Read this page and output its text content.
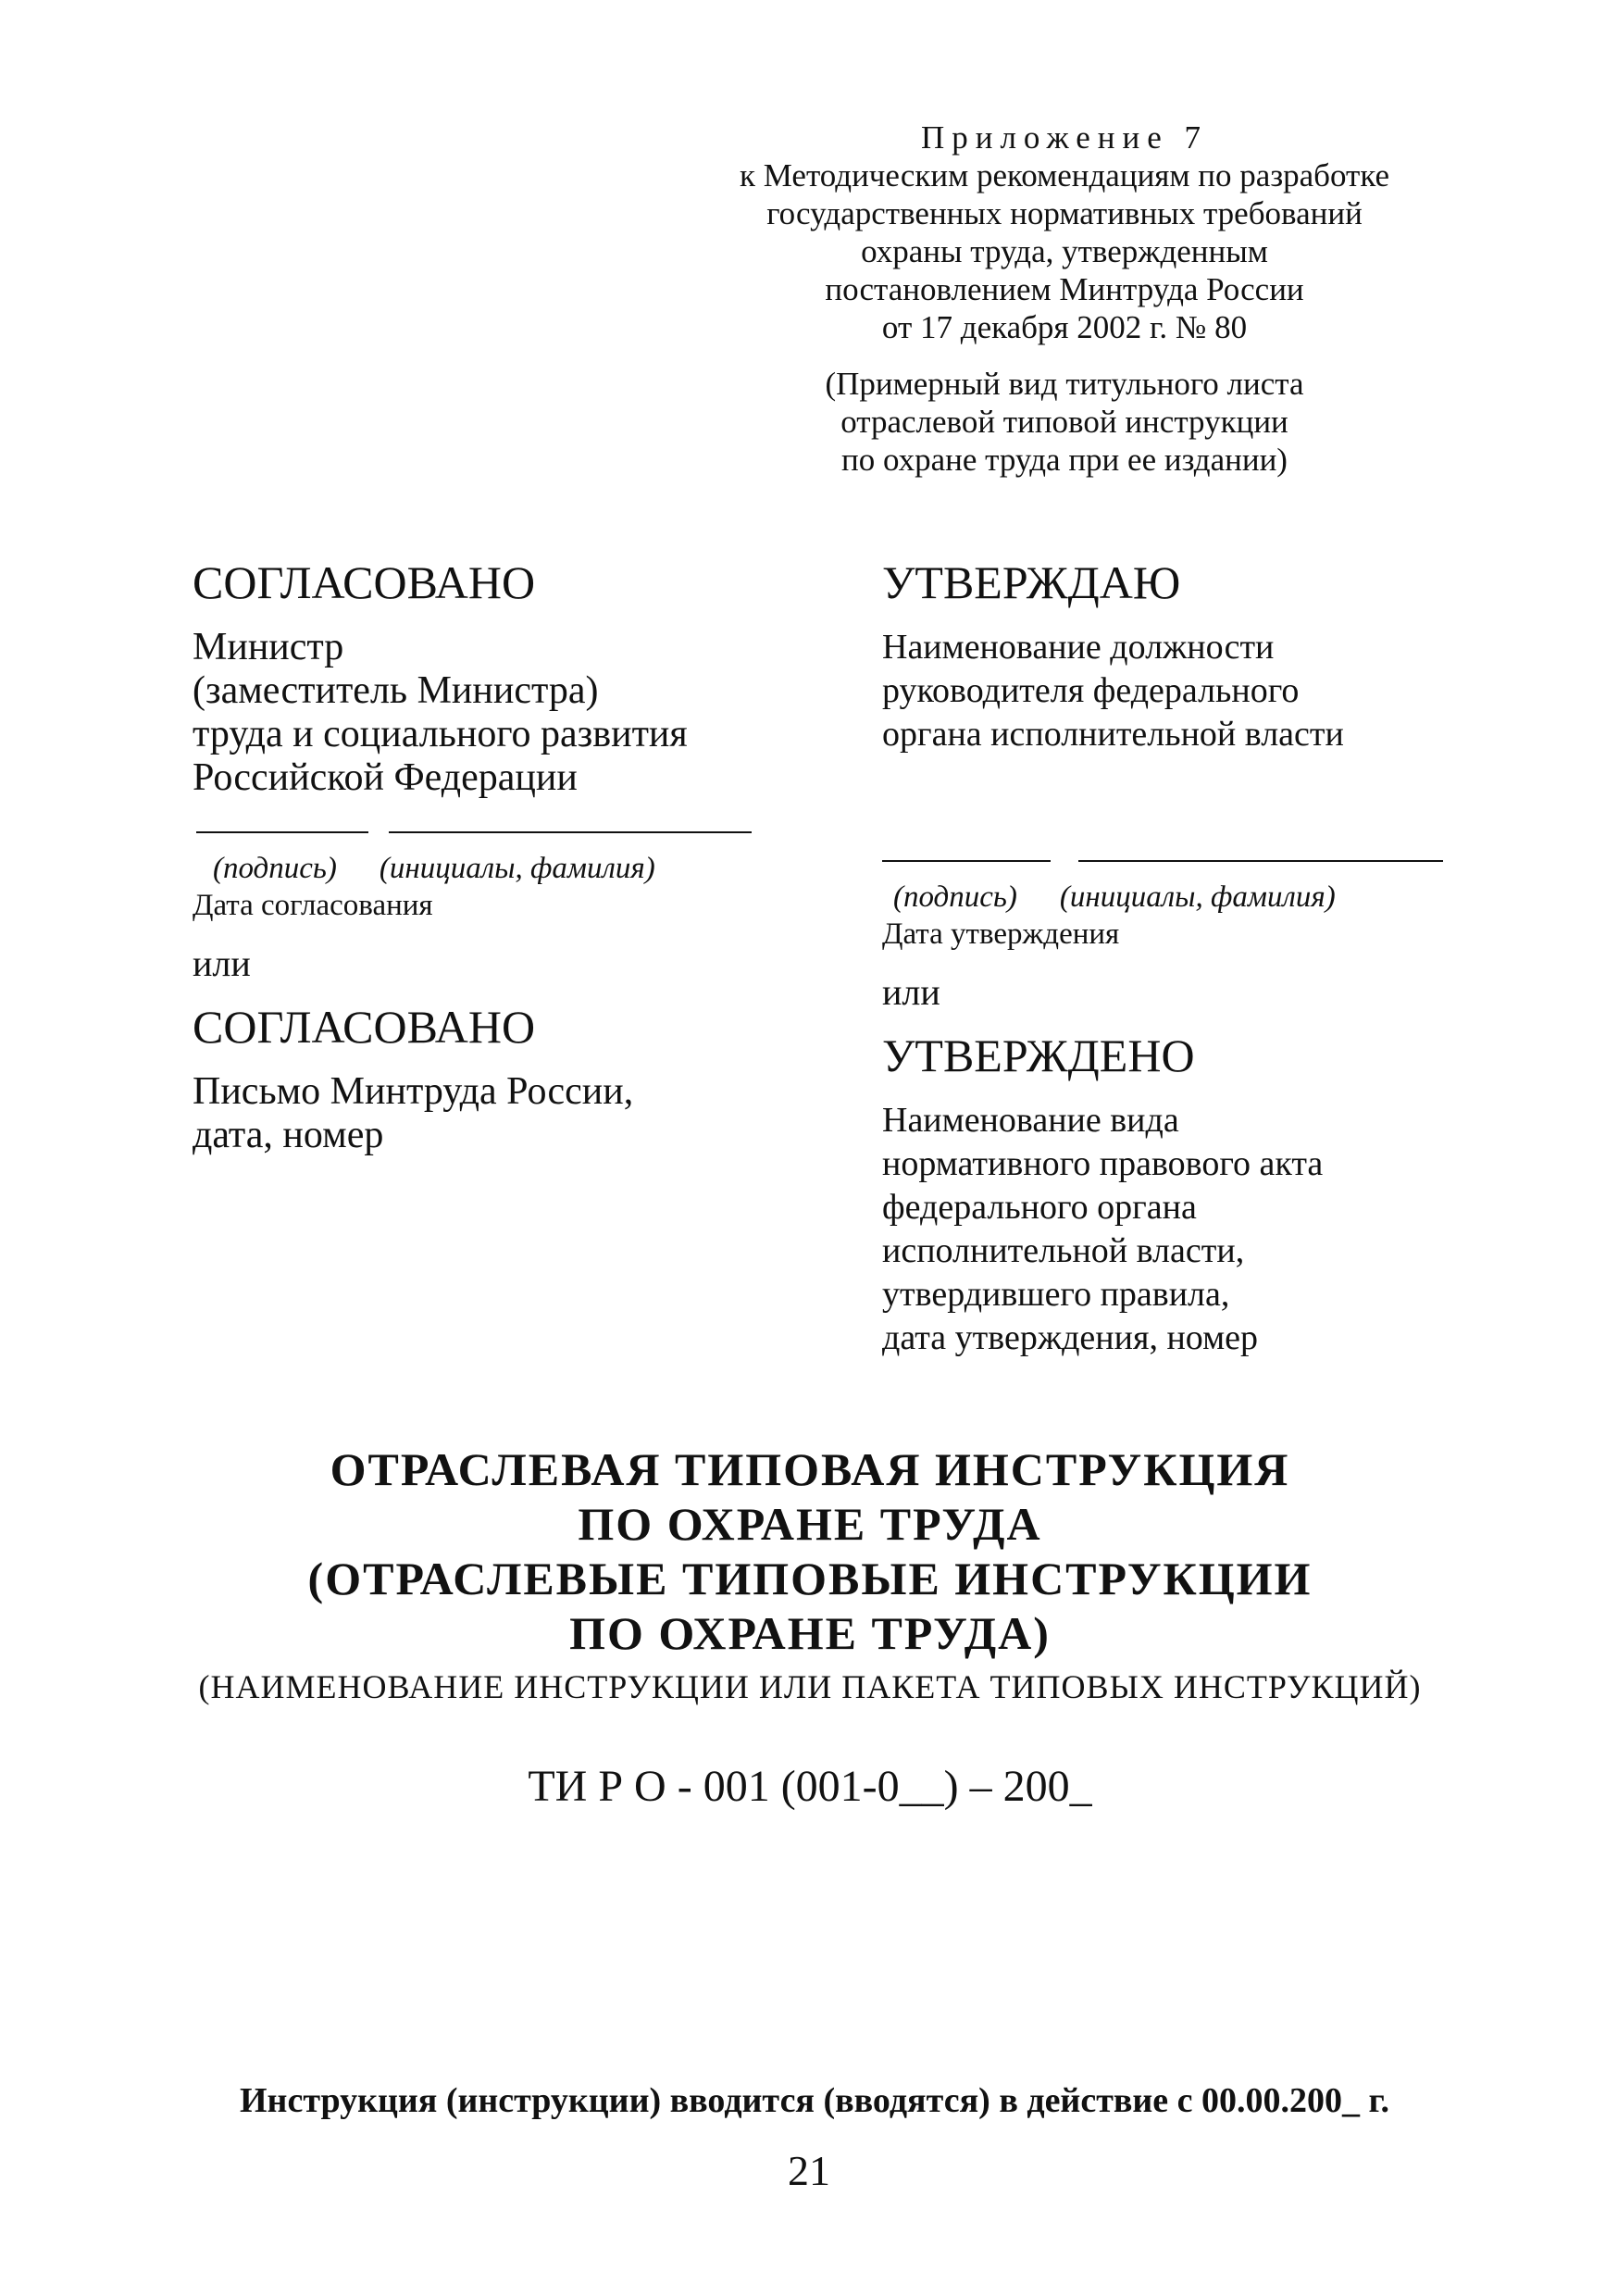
Приложение 7
к Методическим рекомендациям по разработке
государственных нормативных требований
охраны труда, утвержденным
постановлением Минтруда России
от 17 декабря 2002 г. № 80
(Примерный вид титульного листа
отраслевой типовой инструкции
по охране труда при ее издании)
СОГЛАСОВАНО
Министр
(заместитель Министра)
труда и социального развития
Российской Федерации
(подпись) (инициалы, фамилия)
Дата согласования
или
СОГЛАСОВАНО
Письмо Минтруда России,
дата, номер
УТВЕРЖДАЮ
Наименование должности
руководителя федерального
органа исполнительной власти
(подпись) (инициалы, фамилия)
Дата утверждения
или
УТВЕРЖДЕНО
Наименование вида
нормативного правового акта
федерального органа
исполнительной власти,
утвердившего правила,
дата утверждения, номер
ОТРАСЛЕВАЯ ТИПОВАЯ ИНСТРУКЦИЯ
ПО ОХРАНЕ ТРУДА
(ОТРАСЛЕВЫЕ ТИПОВЫЕ ИНСТРУКЦИИ
ПО ОХРАНЕ ТРУДА)
(НАИМЕНОВАНИЕ ИНСТРУКЦИИ ИЛИ ПАКЕТА ТИПОВЫХ ИНСТРУКЦИЙ)
ТИ Р О - 001 (001-0__) – 200_
Инструкция (инструкции) вводится (вводятся) в действие с 00.00.200_ г.
21
